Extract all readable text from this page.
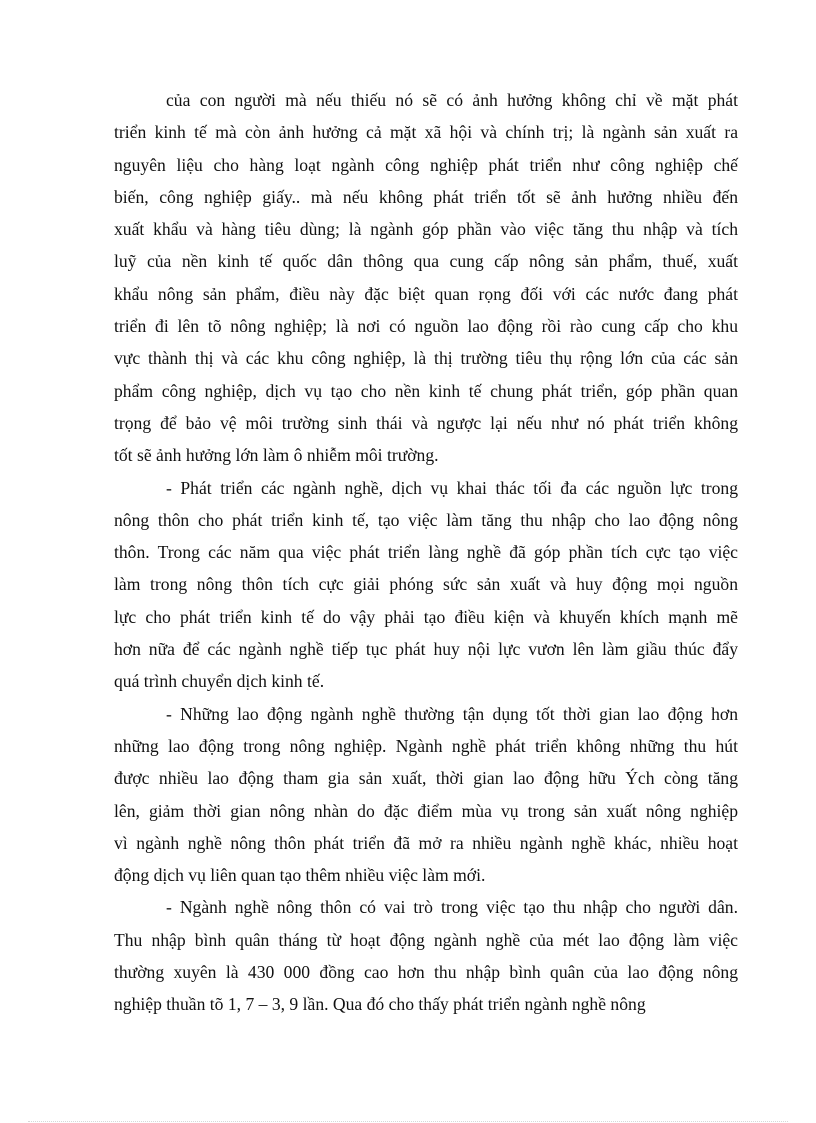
của con người mà nếu thiếu nó sẽ có ảnh hưởng không chỉ về mặt phát
triển kinh tế mà còn ảnh hưởng cả mặt xã hội và chính trị; là ngành sản xuất ra
nguyên liệu cho hàng loạt ngành công nghiệp phát triển như công nghiệp chế
biến, công nghiệp giấy.. mà nếu không phát triển tốt sẽ ảnh hưởng nhiều đến
xuất khẩu và hàng tiêu dùng; là ngành góp phần vào việc tăng thu nhập và tích
luỹ của nền kinh tế quốc dân thông qua cung cấp nông sản phẩm, thuế, xuất
khẩu nông sản phẩm, điều này đặc biệt quan rọng đối với các nước đang phát
triển đi lên tõ nông nghiệp; là nơi có nguồn lao động rồi rào cung cấp cho khu
vực thành thị và các khu công nghiệp, là thị trường tiêu thụ rộng lớn của các sản
phẩm công nghiệp, dịch vụ tạo cho nền kinh tế chung phát triển, góp phần quan
trọng để bảo vệ môi trường sinh thái và ngược lại nếu như nó phát triển không
tốt sẽ ảnh hưởng lớn làm ô nhiễm môi trường.
- Phát triển các ngành nghề, dịch vụ khai thác tối đa các nguồn lực trong
nông thôn cho phát triển kinh tế, tạo việc làm tăng thu nhập cho lao động nông
thôn. Trong các năm qua việc phát triển làng nghề đã góp phần tích cực tạo việc
làm trong nông thôn tích cực giải phóng sức sản xuất và huy động mọi nguồn
lực cho phát triển kinh tế do vậy phải tạo điều kiện và khuyến khích mạnh mẽ
hơn nữa để các ngành nghề tiếp tục phát huy nội lực vươn lên làm giầu thúc đẩy
quá trình chuyển dịch kinh tế.
- Những lao động ngành nghề thường tận dụng tốt thời gian lao động hơn
những lao động trong nông nghiệp. Ngành nghề phát triển không những thu hút
được nhiều lao động tham gia sản xuất, thời gian lao động hữu Ých còng tăng
lên, giảm thời gian nông nhàn do đặc điểm mùa vụ trong sản xuất nông nghiệp
vì ngành nghề nông thôn phát triển đã mở ra nhiều ngành nghề khác, nhiều hoạt
động dịch vụ liên quan tạo thêm nhiều việc làm mới.
- Ngành nghề nông thôn có vai trò trong việc tạo thu nhập cho người dân.
Thu nhập bình quân tháng từ hoạt động ngành nghề của mét lao động làm việc
thường xuyên là 430 000 đồng cao hơn thu nhập bình quân của lao động nông
nghiệp thuần tõ 1, 7 – 3, 9 lần. Qua đó cho thấy phát triển ngành nghề nông
